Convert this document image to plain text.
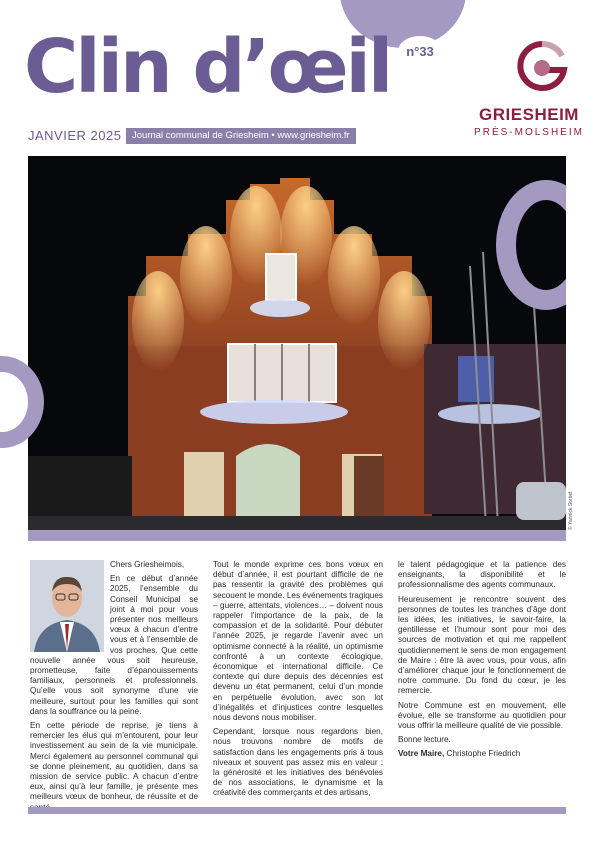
n°33
Clin d’œil
JANVIER 2025	Journal communal de Griesheim • www.griesheim.fr
GRIESHEIM
PRÈS-MOLSHEIM
© Yannick Sorbet

Chers Griesheimois,

En ce début d’année 2025, l’ensemble du Conseil Municipal se joint à moi pour vous présenter nos meilleurs vœux à chacun d’entre vous et à l’ensemble de vos proches. Que cette nouvelle année vous soit heureuse, prometteuse, faite d’épanouissements familiaux, personnels et professionnels. Qu’elle vous soit synonyme d’une vie meilleure, surtout pour les familles qui sont dans la souffrance ou la peine.

En cette période de reprise, je tiens à remercier les élus qui m’entourent, pour leur investissement au sein de la vie municipale. Merci également au personnel communal qui se donne pleinement, au quotidien, dans sa mission de service public. A chacun d’entre eux, ainsi qu’à leur famille, je présente mes meilleurs vœux de bonheur, de réussite et de

Tout le monde exprime ces bons vœux en début d’année, il est pourtant difficile de ne pas ressentir la gravité des problèmes qui secouent le monde. Les événements tragiques – guerre, attentats, violences… – doivent nous rappeler l’importance de la paix, de la compassion et de la solidarité. Pour débuter l’année 2025, je regarde l’avenir avec un optimisme connecté à la réalité, un optimisme confronté à un contexte écologique, économique et international difficile. Ce contexte qui dure depuis des décennies est devenu un état permanent, celui d’un monde en perpétuelle évolution, avec son lot d’inégalités et d’injustices contre lesquelles nous devons nous mobiliser.

Cependant, lorsque nous regardons bien, nous trouvons nombre de motifs de satisfaction dans les engagements pris à tous niveaux et souvent pas assez mis en valeur : la générosité et les initiatives des bénévoles de nos associations, le dynamisme et la créativité des commerçants et des artisans,

le talent pédagogique et la patience des enseignants, la disponibilité et le professionnalisme des agents communaux.

Heureusement je rencontre souvent des personnes de toutes les tranches d’âge dont les idées, les initiatives, le savoir-faire, la gentillesse et l’humour sont pour moi des sources de motivation et qui me rappellent quotidiennement le sens de mon engagement de Maire : être là avec vous, pour vous, afin d’améliorer chaque jour le fonctionnement de notre commune. Du fond du cœur, je les remercie.

Notre Commune est en mouvement, elle évolue, elle se transforme au quotidien pour vous offrir la meilleure qualité de vie possible.

Bonne lecture.

Votre Maire, Christophe Friedrich
